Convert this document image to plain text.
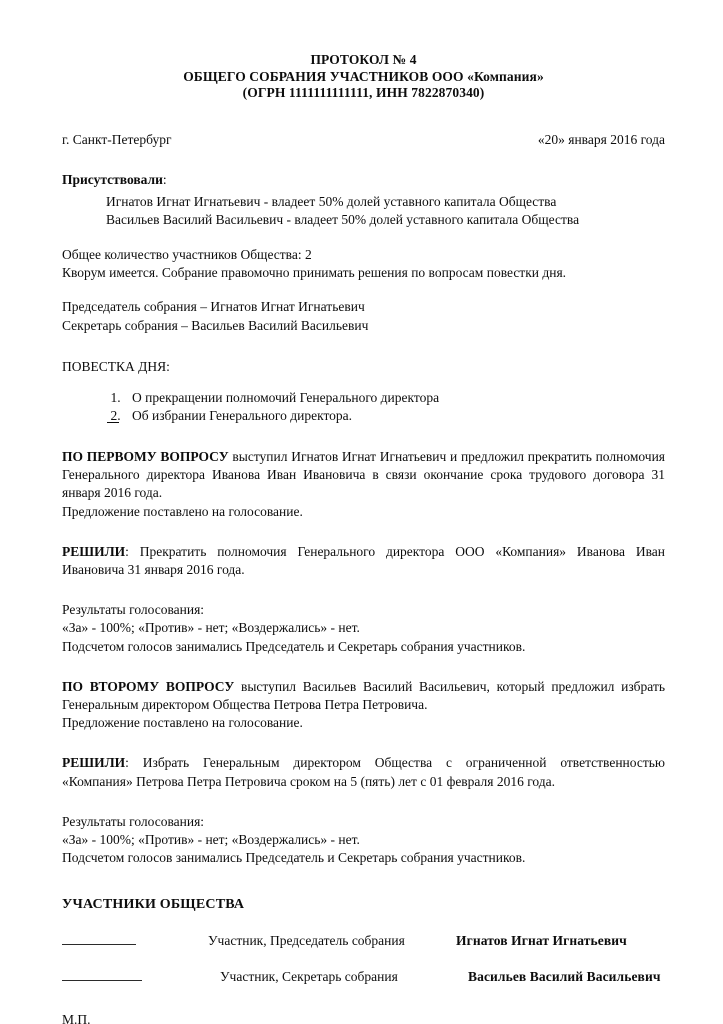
ПРОТОКОЛ № 4
ОБЩЕГО СОБРАНИЯ УЧАСТНИКОВ ООО «Компания»
(ОГРН 1111111111111, ИНН 7822870340)
г. Санкт-Петербург	«20» января 2016 года

Присутствовали:

Игнатов Игнат Игнатьевич - владеет 50% долей уставного капитала Общества
Васильев Василий Васильевич - владеет 50% долей уставного капитала Общества

Общее количество участников Общества: 2

Кворум имеется. Собрание правомочно принимать решения по вопросам повестки дня.

Председатель собрания – Игнатов Игнат Игнатьевич

Секретарь собрания – Васильев Василий Васильевич

ПОВЕСТКА ДНЯ:
1. О прекращении полномочий Генерального директора
2. Об избрании Генерального директора.

ПО ПЕРВОМУ ВОПРОСУ выступил Игнатов Игнат Игнатьевич и предложил прекратить полномочия Генерального директора Иванова Иван Ивановича в связи окончание срока трудового договора 31 января 2016 года.

Предложение поставлено на голосование.

РЕШИЛИ: Прекратить полномочия Генерального директора ООО «Компания» Иванова Иван Ивановича 31 января 2016 года.

Результаты голосования:

«За» - 100%; «Против» - нет; «Воздержались» - нет.

Подсчетом голосов занимались Председатель и Секретарь собрания участников.

ПО ВТОРОМУ ВОПРОСУ выступил Васильев Василий Васильевич, который предложил избрать Генеральным директором Общества Петрова Петра Петровича.

Предложение поставлено на голосование.

РЕШИЛИ: Избрать Генеральным директором Общества с ограниченной ответственностью «Компания» Петрова Петра Петровича сроком на 5 (пять) лет с 01 февраля 2016 года.

Результаты голосования:

«За» - 100%; «Против» - нет; «Воздержались» - нет.

Подсчетом голосов занимались Председатель и Секретарь собрания участников.

УЧАСТНИКИ ОБЩЕСТВА
Участник, Председатель собрания	Игнатов Игнат Игнатьевич
Участник, Секретарь собрания	Васильев Василий Васильевич
М.П.
